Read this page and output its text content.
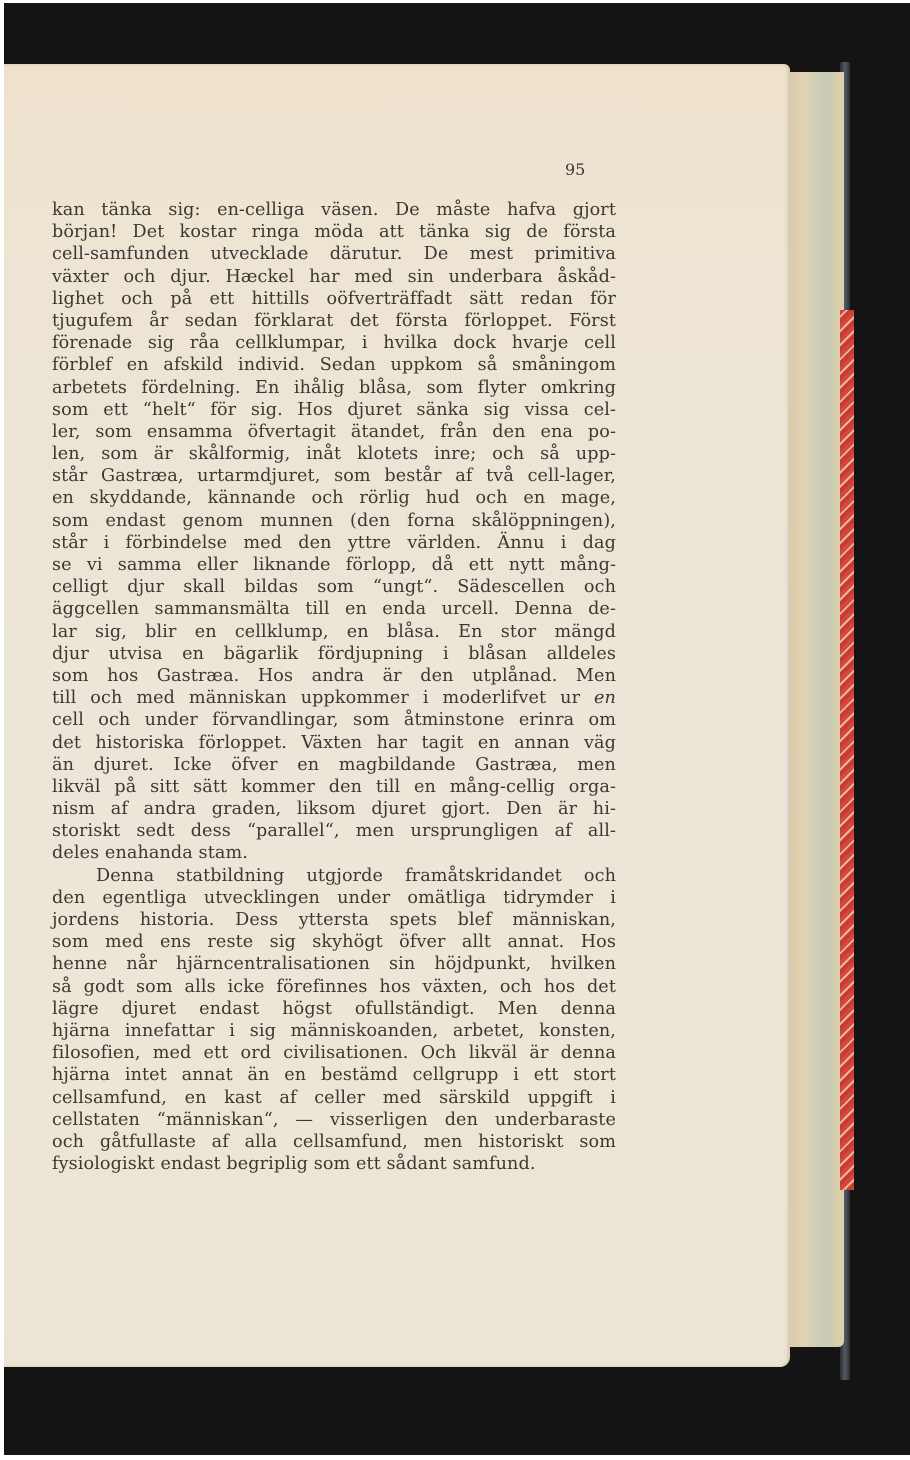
95
kan tänka sig: en-celliga väsen. De måste hafva gjort
början! Det kostar ringa möda att tänka sig de första
cell-samfunden utvecklade därutur. De mest primitiva
växter och djur. Hæckel har med sin underbara åskåd-
lighet och på ett hittills oöfverträffadt sätt redan för
tjugufem år sedan förklarat det första förloppet. Först
förenade sig råa cellklumpar, i hvilka dock hvarje cell
förblef en afskild individ. Sedan uppkom så småningom
arbetets fördelning. En ihålig blåsa, som flyter omkring
som ett “helt“ för sig. Hos djuret sänka sig vissa cel-
ler, som ensamma öfvertagit ätandet, från den ena po-
len, som är skålformig, inåt klotets inre; och så upp-
står Gastræa, urtarmdjuret, som består af två cell-lager,
en skyddande, kännande och rörlig hud och en mage,
som endast genom munnen (den forna skålöppningen),
står i förbindelse med den yttre världen. Ännu i dag
se vi samma eller liknande förlopp, då ett nytt mång-
celligt djur skall bildas som “ungt“. Sädescellen och
äggcellen sammansmälta till en enda urcell. Denna de-
lar sig, blir en cellklump, en blåsa. En stor mängd
djur utvisa en bägarlik fördjupning i blåsan alldeles
som hos Gastræa. Hos andra är den utplånad. Men
till och med människan uppkommer i moderlifvet ur en
cell och under förvandlingar, som åtminstone erinra om
det historiska förloppet. Växten har tagit en annan väg
än djuret. Icke öfver en magbildande Gastræa, men
likväl på sitt sätt kommer den till en mång-cellig orga-
nism af andra graden, liksom djuret gjort. Den är hi-
storiskt sedt dess “parallel“, men ursprungligen af all-
deles enahanda stam.
Denna statbildning utgjorde framåtskridandet och
den egentliga utvecklingen under omätliga tidrymder i
jordens historia. Dess yttersta spets blef människan,
som med ens reste sig skyhögt öfver allt annat. Hos
henne når hjärncentralisationen sin höjdpunkt, hvilken
så godt som alls icke förefinnes hos växten, och hos det
lägre djuret endast högst ofullständigt. Men denna
hjärna innefattar i sig människoanden, arbetet, konsten,
filosofien, med ett ord civilisationen. Och likväl är denna
hjärna intet annat än en bestämd cellgrupp i ett stort
cellsamfund, en kast af celler med särskild uppgift i
cellstaten “människan“, — visserligen den underbaraste
och gåtfullaste af alla cellsamfund, men historiskt som
fysiologiskt endast begriplig som ett sådant samfund.
